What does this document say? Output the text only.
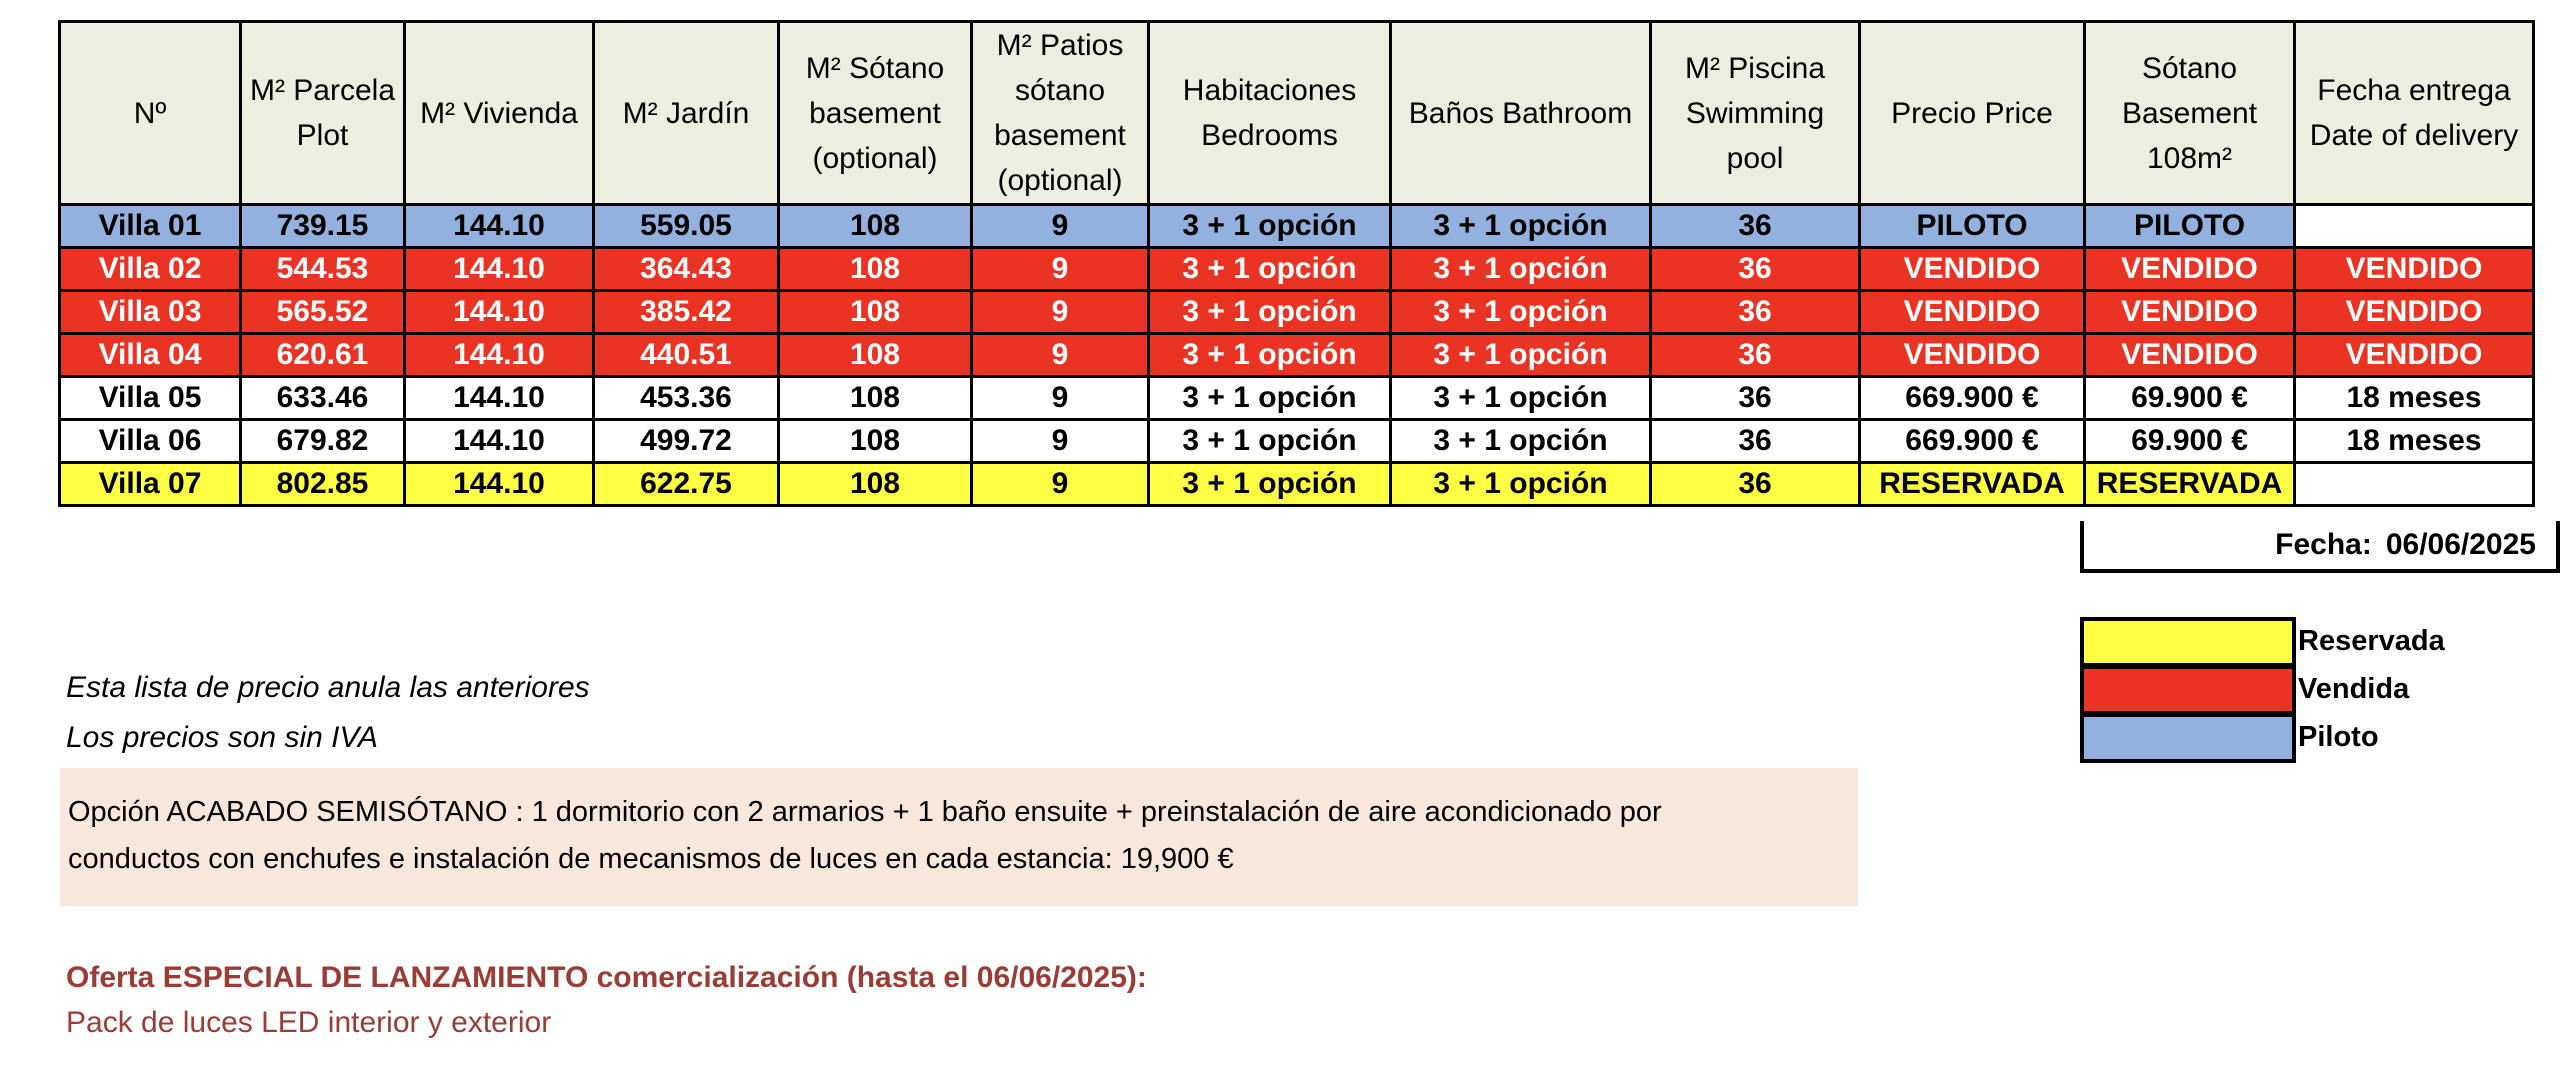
Nº	M² Parcela Plot	M² Vivienda	M² Jardín	M² Sótano basement (optional)	M² Patios sótano basement (optional)	Habitaciones Bedrooms	Baños Bathroom	M² Piscina Swimming pool	Precio Price	Sótano Basement 108m²	Fecha entrega Date of delivery
Villa 01	739.15	144.10	559.05	108	9	3 + 1 opción	3 + 1 opción	36	PILOTO	PILOTO	
Villa 02	544.53	144.10	364.43	108	9	3 + 1 opción	3 + 1 opción	36	VENDIDO	VENDIDO	VENDIDO
Villa 03	565.52	144.10	385.42	108	9	3 + 1 opción	3 + 1 opción	36	VENDIDO	VENDIDO	VENDIDO
Villa 04	620.61	144.10	440.51	108	9	3 + 1 opción	3 + 1 opción	36	VENDIDO	VENDIDO	VENDIDO
Villa 05	633.46	144.10	453.36	108	9	3 + 1 opción	3 + 1 opción	36	669.900 €	69.900 €	18 meses
Villa 06	679.82	144.10	499.72	108	9	3 + 1 opción	3 + 1 opción	36	669.900 €	69.900 €	18 meses
Villa 07	802.85	144.10	622.75	108	9	3 + 1 opción	3 + 1 opción	36	RESERVADA	RESERVADA	
Fecha: 06/06/2025
Reservada
Vendida
Piloto
Esta lista de precio anula las anteriores
Los precios son sin IVA
Opción ACABADO SEMISÓTANO : 1 dormitorio con 2 armarios + 1 baño ensuite + preinstalación de aire acondicionado por
conductos con enchufes e instalación de mecanismos de luces en cada estancia: 19,900 €
Oferta ESPECIAL DE LANZAMIENTO comercialización (hasta el 06/06/2025):
Pack de luces LED interior y exterior
